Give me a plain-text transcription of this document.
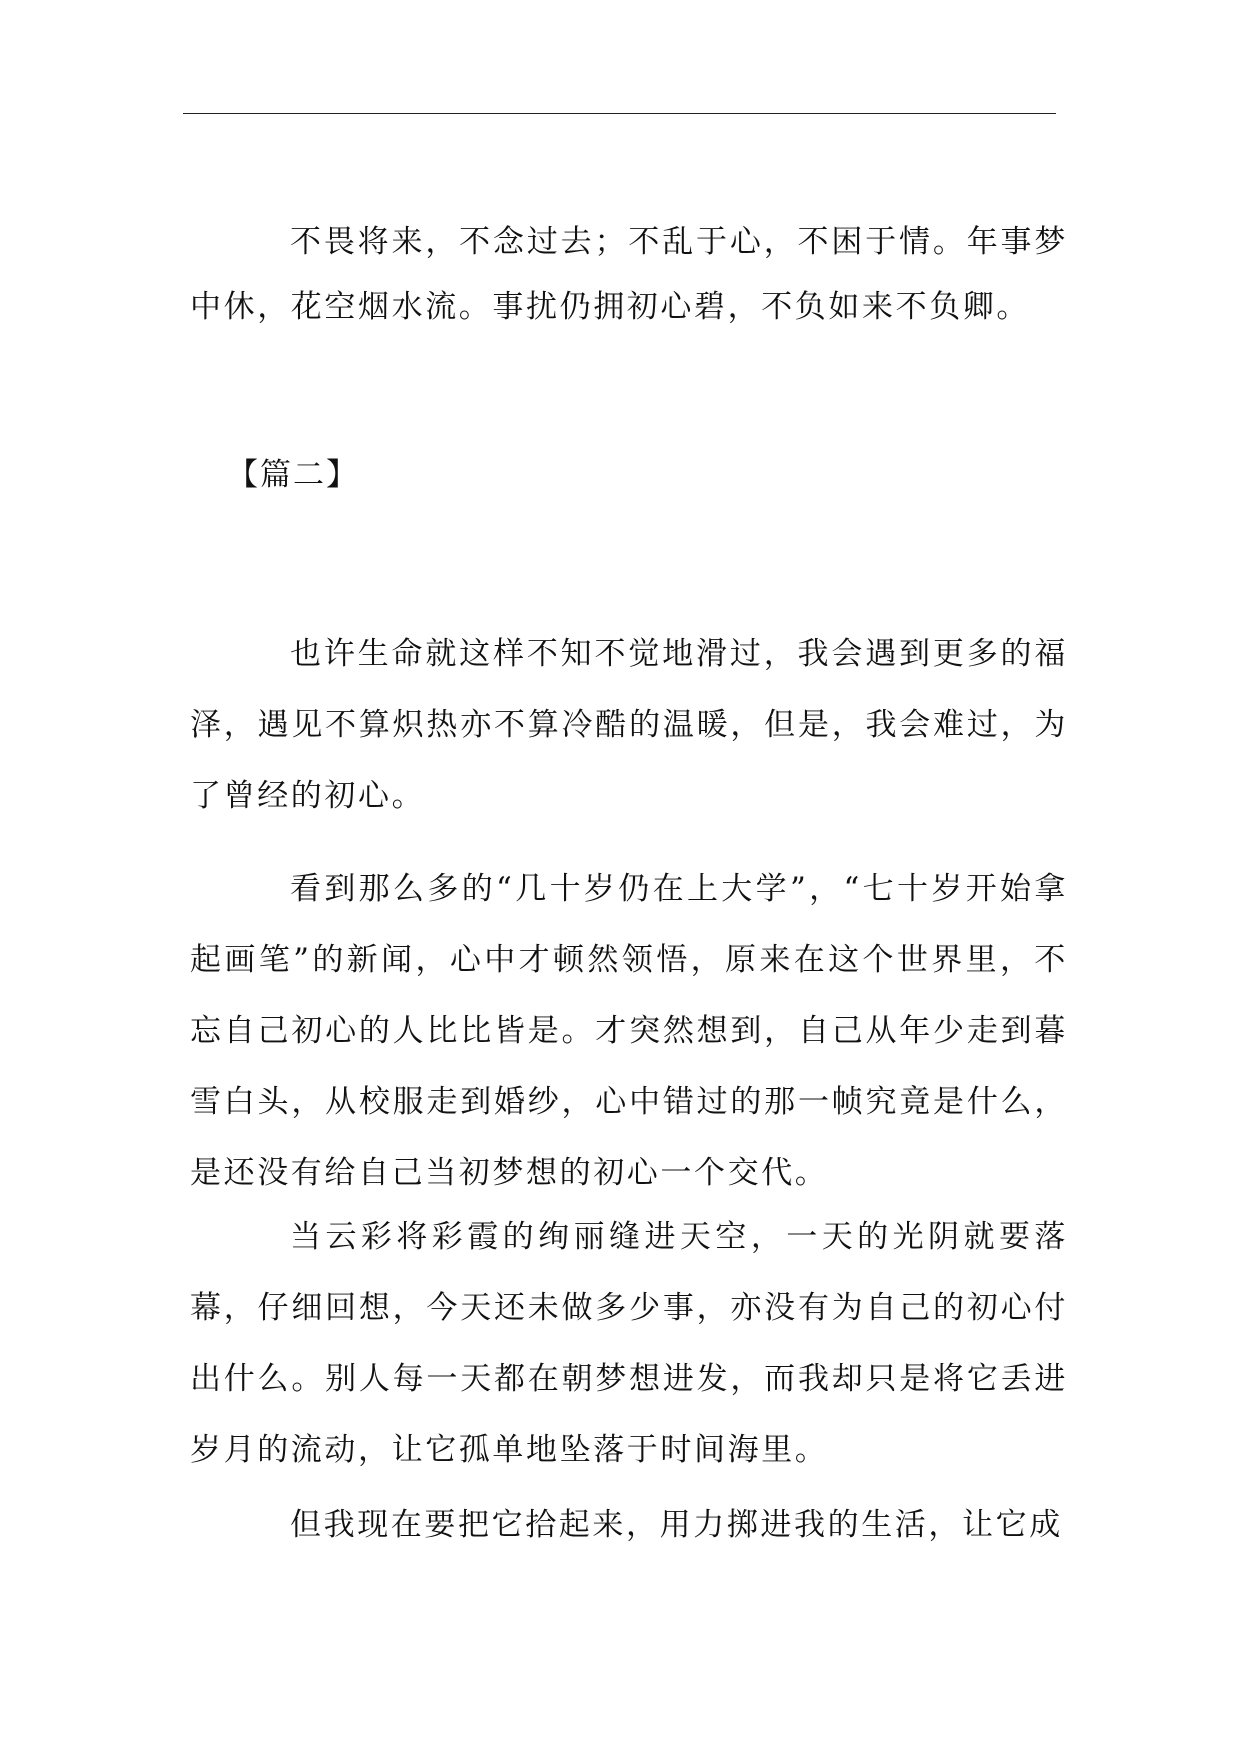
不畏将来，不念过去；不乱于心，不困于情。年事梦中休，花空烟水流。事扰仍拥初心碧，不负如来不负卿。

【篇二】

也许生命就这样不知不觉地滑过，我会遇到更多的福泽，遇见不算炽热亦不算冷酷的温暖，但是，我会难过，为了曾经的初心。

看到那么多的“几十岁仍在上大学”，“七十岁开始拿起画笔”的新闻，心中才顿然领悟，原来在这个世界里，不忘自己初心的人比比皆是。才突然想到，自己从年少走到暮雪白头，从校服走到婚纱，心中错过的那一帧究竟是什么，是还没有给自己当初梦想的初心一个交代。

当云彩将彩霞的绚丽缝进天空，一天的光阴就要落幕，仔细回想，今天还未做多少事，亦没有为自己的初心付出什么。别人每一天都在朝梦想进发，而我却只是将它丢进岁月的流动，让它孤单地坠落于时间海里。

但我现在要把它拾起来，用力掷进我的生活，让它成
